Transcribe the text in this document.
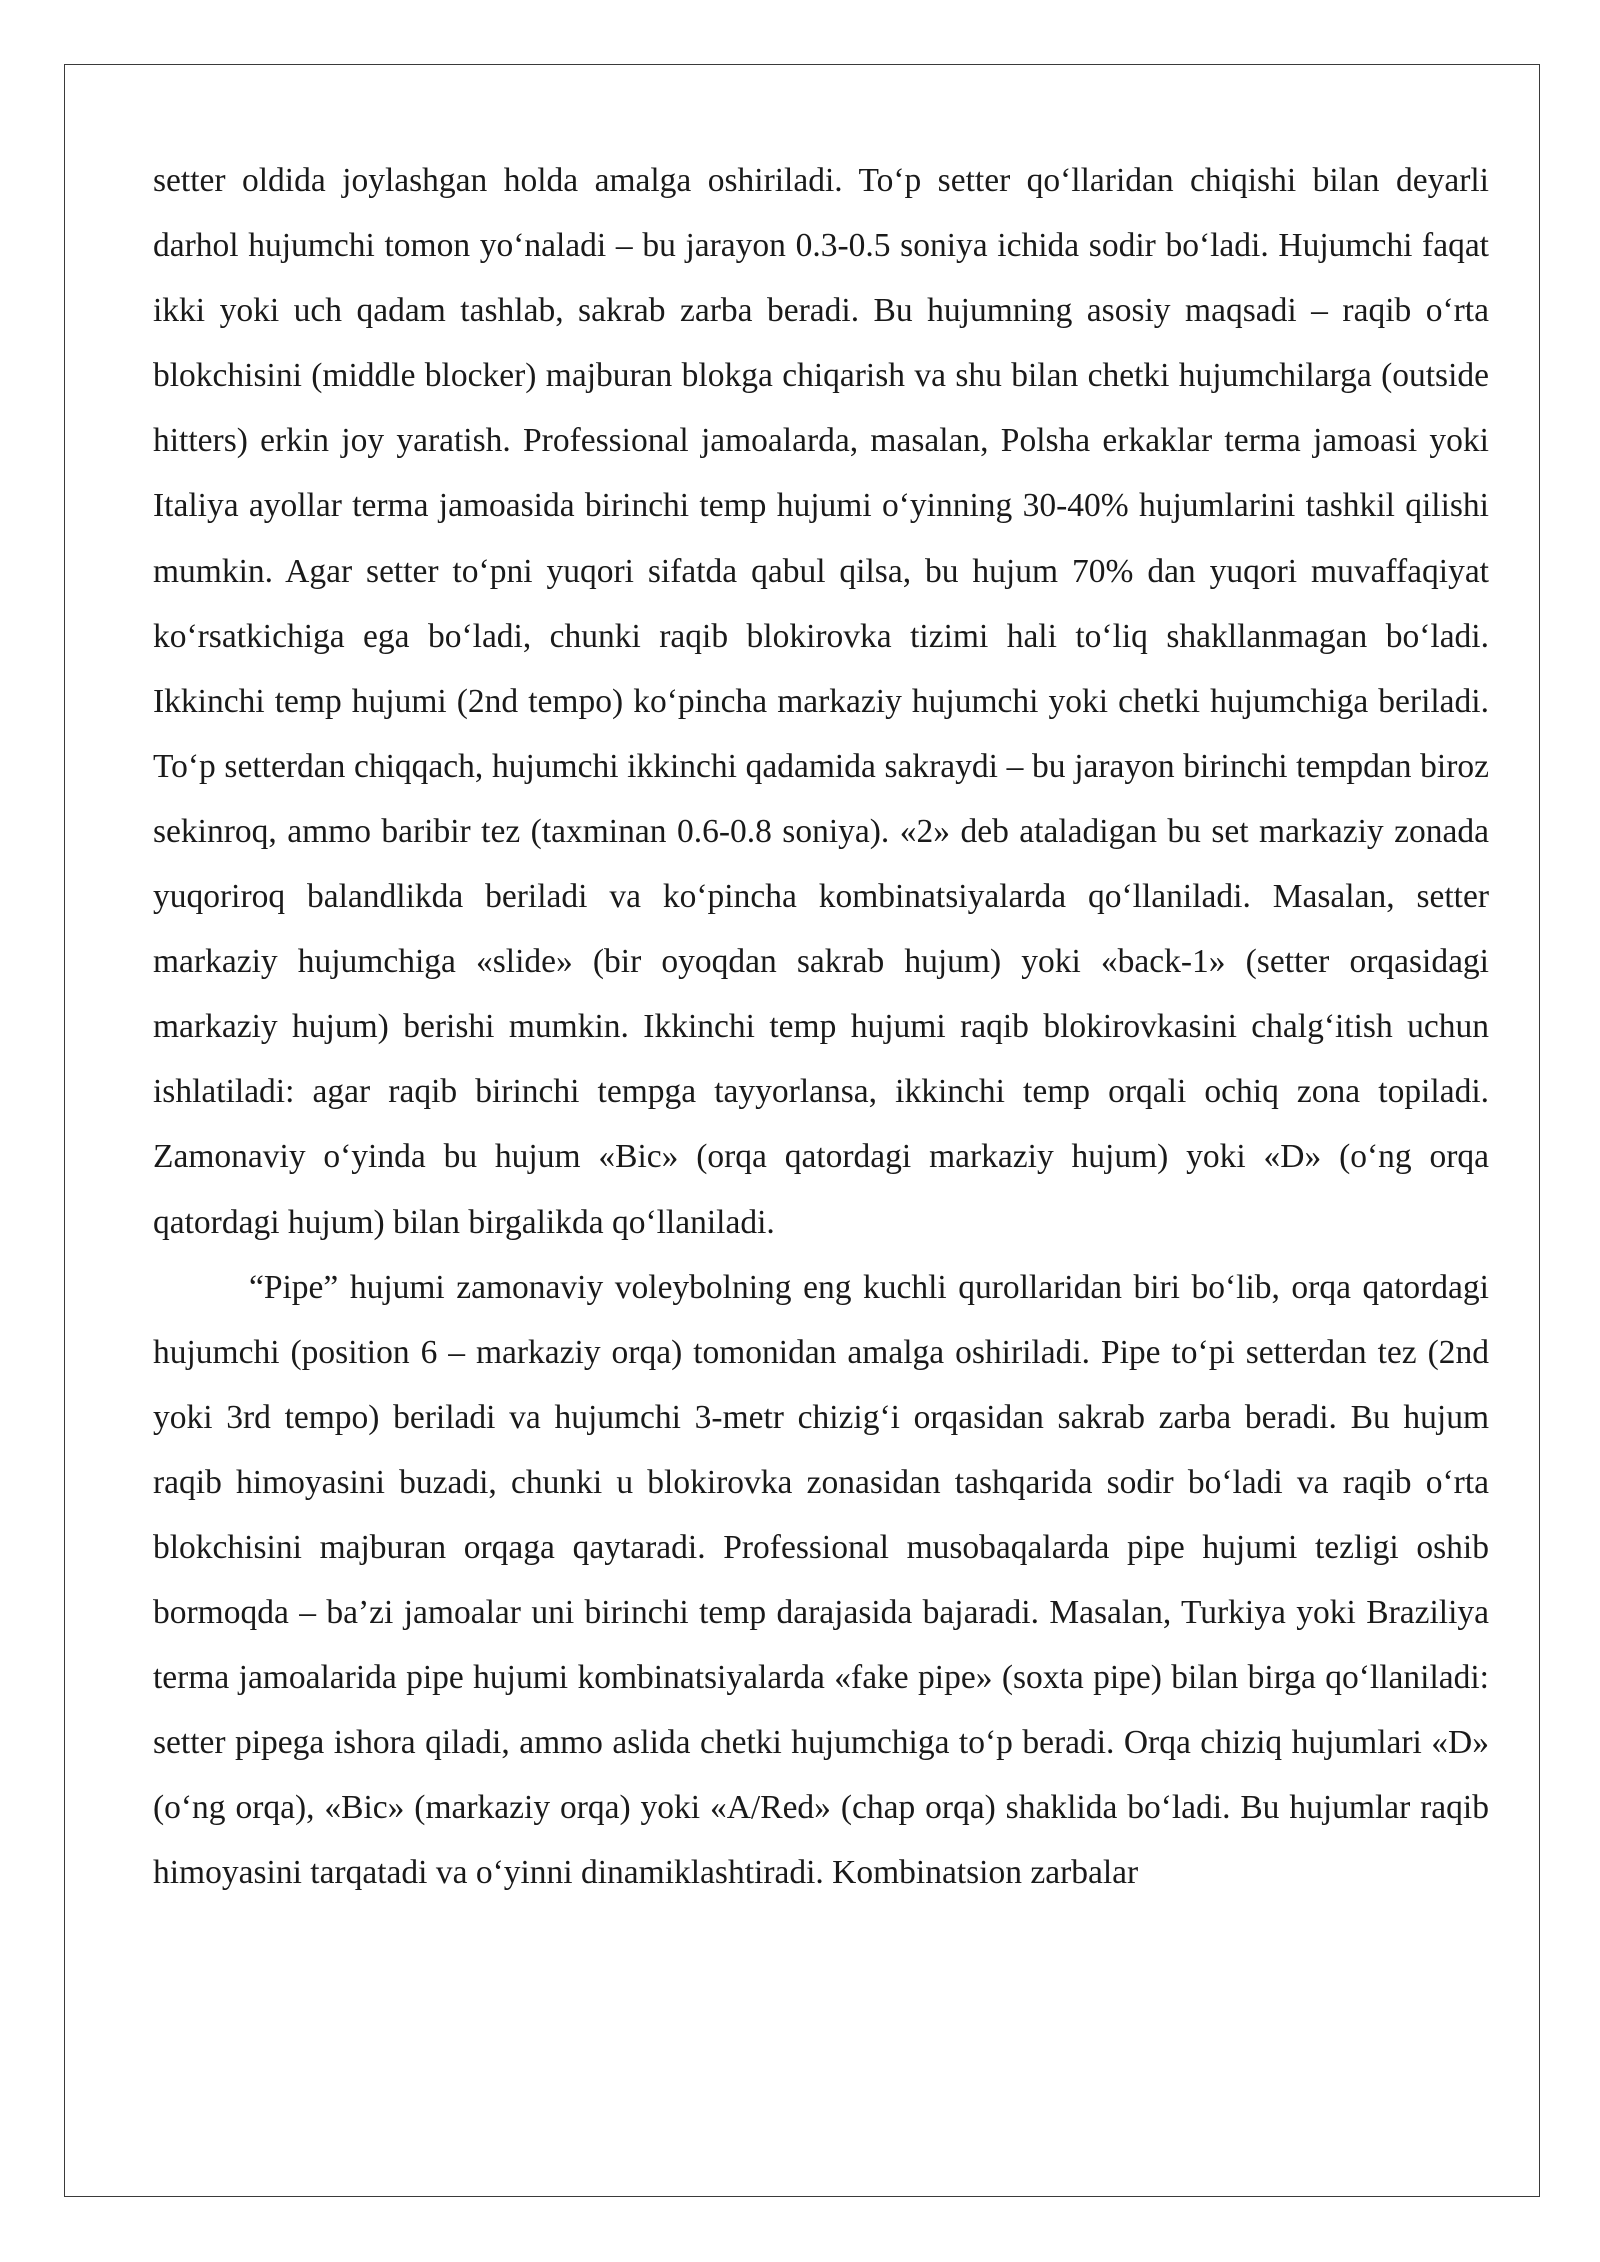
setter oldida joylashgan holda amalga oshiriladi. To‘p setter qo‘llaridan chiqishi bilan deyarli darhol hujumchi tomon yo‘naladi – bu jarayon 0.3-0.5 soniya ichida sodir bo‘ladi. Hujumchi faqat ikki yoki uch qadam tashlab, sakrab zarba beradi. Bu hujumning asosiy maqsadi – raqib o‘rta blokchisini (middle blocker) majburan blokga chiqarish va shu bilan chetki hujumchilarga (outside hitters) erkin joy yaratish. Professional jamoalarda, masalan, Polsha erkaklar terma jamoasi yoki Italiya ayollar terma jamoasida birinchi temp hujumi o‘yinning 30-40% hujumlarini tashkil qilishi mumkin. Agar setter to‘pni yuqori sifatda qabul qilsa, bu hujum 70% dan yuqori muvaffaqiyat ko‘rsatkichiga ega bo‘ladi, chunki raqib blokirovka tizimi hali to‘liq shakllanmagan bo‘ladi. Ikkinchi temp hujumi (2nd tempo) ko‘pincha markaziy hujumchi yoki chetki hujumchiga beriladi. To‘p setterdan chiqqach, hujumchi ikkinchi qadamida sakraydi – bu jarayon birinchi tempdan biroz sekinroq, ammo baribir tez (taxminan 0.6-0.8 soniya). «2» deb ataladigan bu set markaziy zonada yuqoriroq balandlikda beriladi va ko‘pincha kombinatsiyalarda qo‘llaniladi. Masalan, setter markaziy hujumchiga «slide» (bir oyoqdan sakrab hujum) yoki «back-1» (setter orqasidagi markaziy hujum) berishi mumkin. Ikkinchi temp hujumi raqib blokirovkasini chalg‘itish uchun ishlatiladi: agar raqib birinchi tempga tayyorlansa, ikkinchi temp orqali ochiq zona topiladi. Zamonaviy o‘yinda bu hujum «Bic» (orqa qatordagi markaziy hujum) yoki «D» (o‘ng orqa qatordagi hujum) bilan birgalikda qo‘llaniladi.

“Pipe” hujumi zamonaviy voleybolning eng kuchli qurollaridan biri bo‘lib, orqa qatordagi hujumchi (position 6 – markaziy orqa) tomonidan amalga oshiriladi. Pipe to‘pi setterdan tez (2nd yoki 3rd tempo) beriladi va hujumchi 3-metr chizig‘i orqasidan sakrab zarba beradi. Bu hujum raqib himoyasini buzadi, chunki u blokirovka zonasidan tashqarida sodir bo‘ladi va raqib o‘rta blokchisini majburan orqaga qaytaradi. Professional musobaqalarda pipe hujumi tezligi oshib bormoqda – ba’zi jamoalar uni birinchi temp darajasida bajaradi. Masalan, Turkiya yoki Braziliya terma jamoalarida pipe hujumi kombinatsiyalarda «fake pipe» (soxta pipe) bilan birga qo‘llaniladi: setter pipega ishora qiladi, ammo aslida chetki hujumchiga to‘p beradi. Orqa chiziq hujumlari «D» (o‘ng orqa), «Bic» (markaziy orqa) yoki «A/Red» (chap orqa) shaklida bo‘ladi. Bu hujumlar raqib himoyasini tarqatadi va o‘yinni dinamiklashtiradi. Kombinatsion zarbalar
